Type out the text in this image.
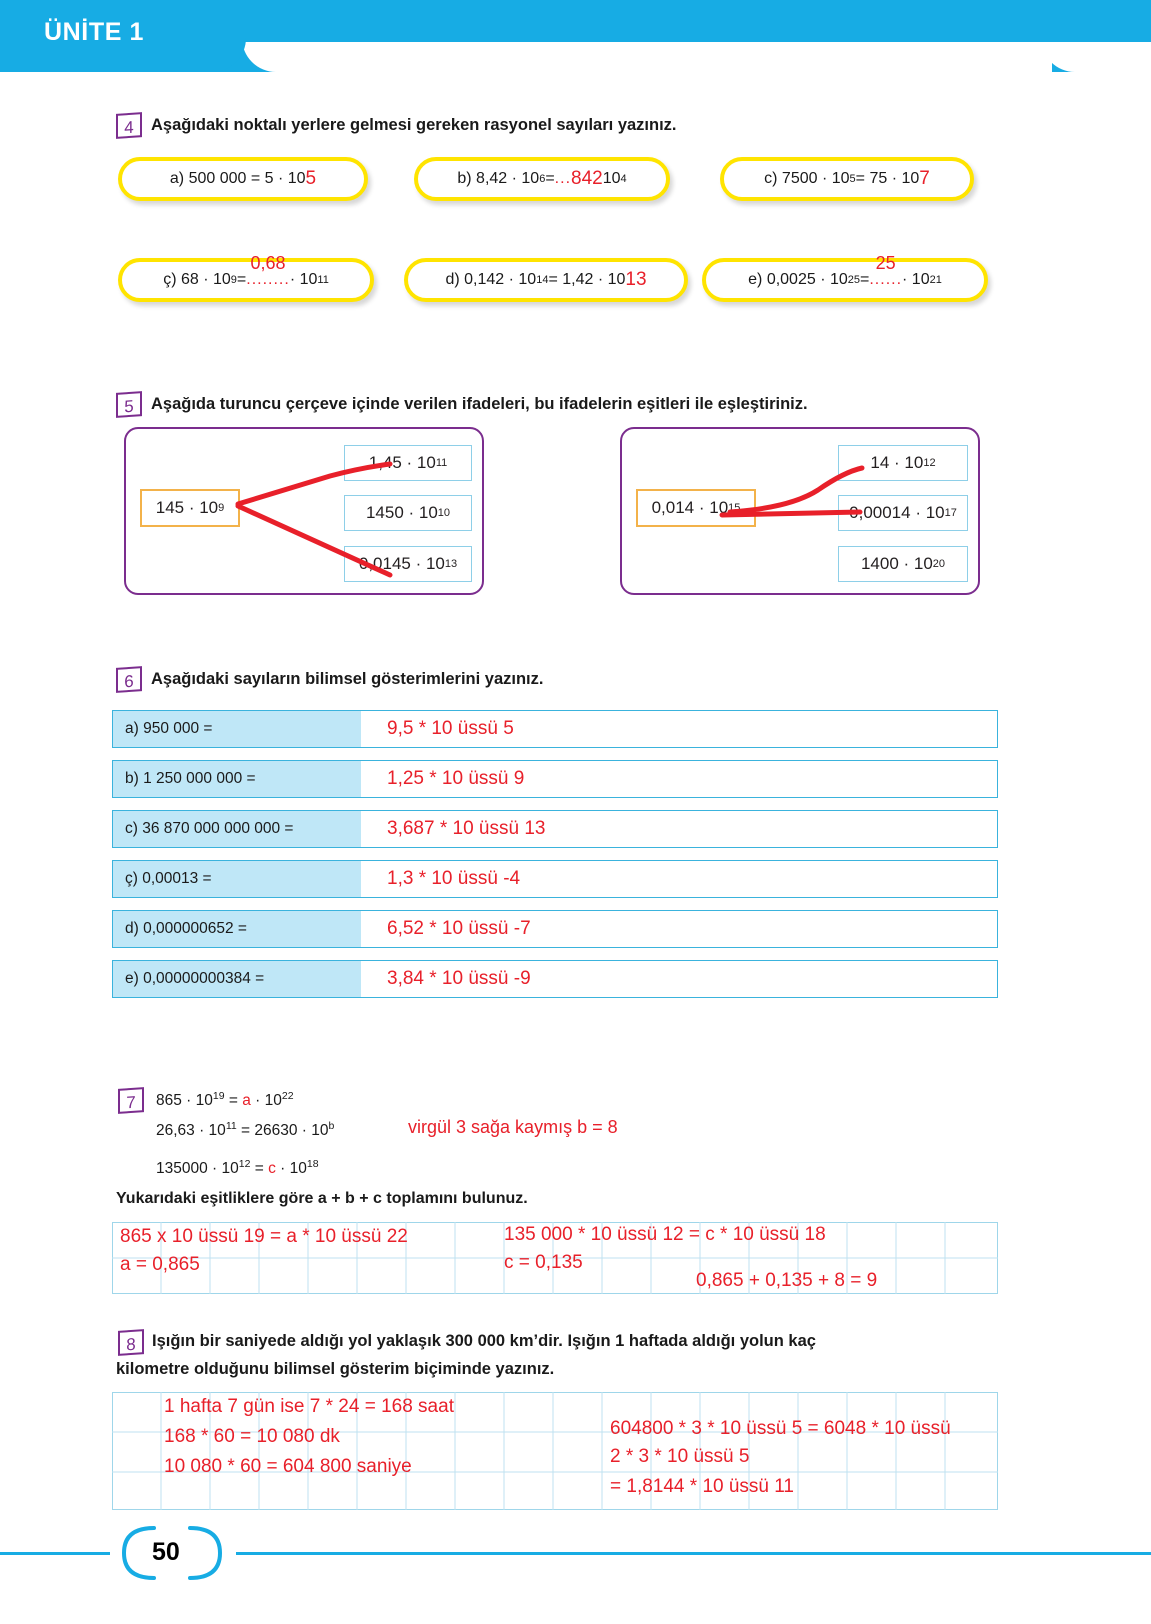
ÜNİTE 1
4 Aşağıdaki noktalı yerlere gelmesi gereken rasyonel sayıları yazınız.
a)
500 000 = 5 · 10 5	b)
8,42 · 10 6 = ... 842 10 4	c)
7500 · 10 5 = 75 · 10 7
ç)
68 · 10 9 =
0,68
........ · 10 11	d)
0,142 · 10 14 = 1,42 · 10 13	e)
0,0025 · 10 25 =
25
...... · 10 21
5 Aşağıda turuncu çerçeve içinde verilen ifadeleri, bu ifadelerin eşitleri ile eşleştiriniz.
145 · 10 9
1,45 · 10 11
1450 · 10 10
0,0145 · 10 13
0,014 · 10 15
14 · 10 12
0,00014 · 10 17
1400 · 10 20
6 Aşağıdaki sayıların bilimsel gösterimlerini yazınız.
a) 950 000 =	9,5 * 10 üssü 5
b) 1 250 000 000 =	1,25 * 10 üssü 9
c) 36 870 000 000 000 =	3,687 * 10 üssü 13
ç) 0,00013 =	1,3 * 10 üssü -4
d) 0,000000652 =	6,52 * 10 üssü -7
e) 0,00000000384 =	3,84 * 10 üssü -9
7	$865 \cdot 10^{19} = a \cdot 10^{22}$
$26,63 \cdot 10^{11} = 26630 \cdot 10^b$
$135000 \cdot 10^{12} = c \cdot 10^{18}$
virgül 3 sağa kaymış b = 8
Yukarıdaki eşitliklere göre a + b + c toplamını bulunuz.
865 x 10 üssü 19 = a * 10 üssü 22
a = 0,865
135 000 * 10 üssü 12 = c * 10 üssü 18
c = 0,135
0,865 + 0,135 + 8 = 9
8 Işığın bir saniyede aldığı yol yaklaşık 300 000 km’dir. Işığın 1 haftada aldığı yolun kaç
kilometre olduğunu bilimsel gösterim biçiminde yazınız.
1 hafta 7 gün ise 7 * 24 = 168 saat
168 * 60 = 10 080 dk
10 080 * 60 = 604 800 saniye
604800 * 3 * 10 üssü 5 = 6048 * 10 üssü
2 * 3 * 10 üssü 5
= 1,8144 * 10 üssü 11
50
